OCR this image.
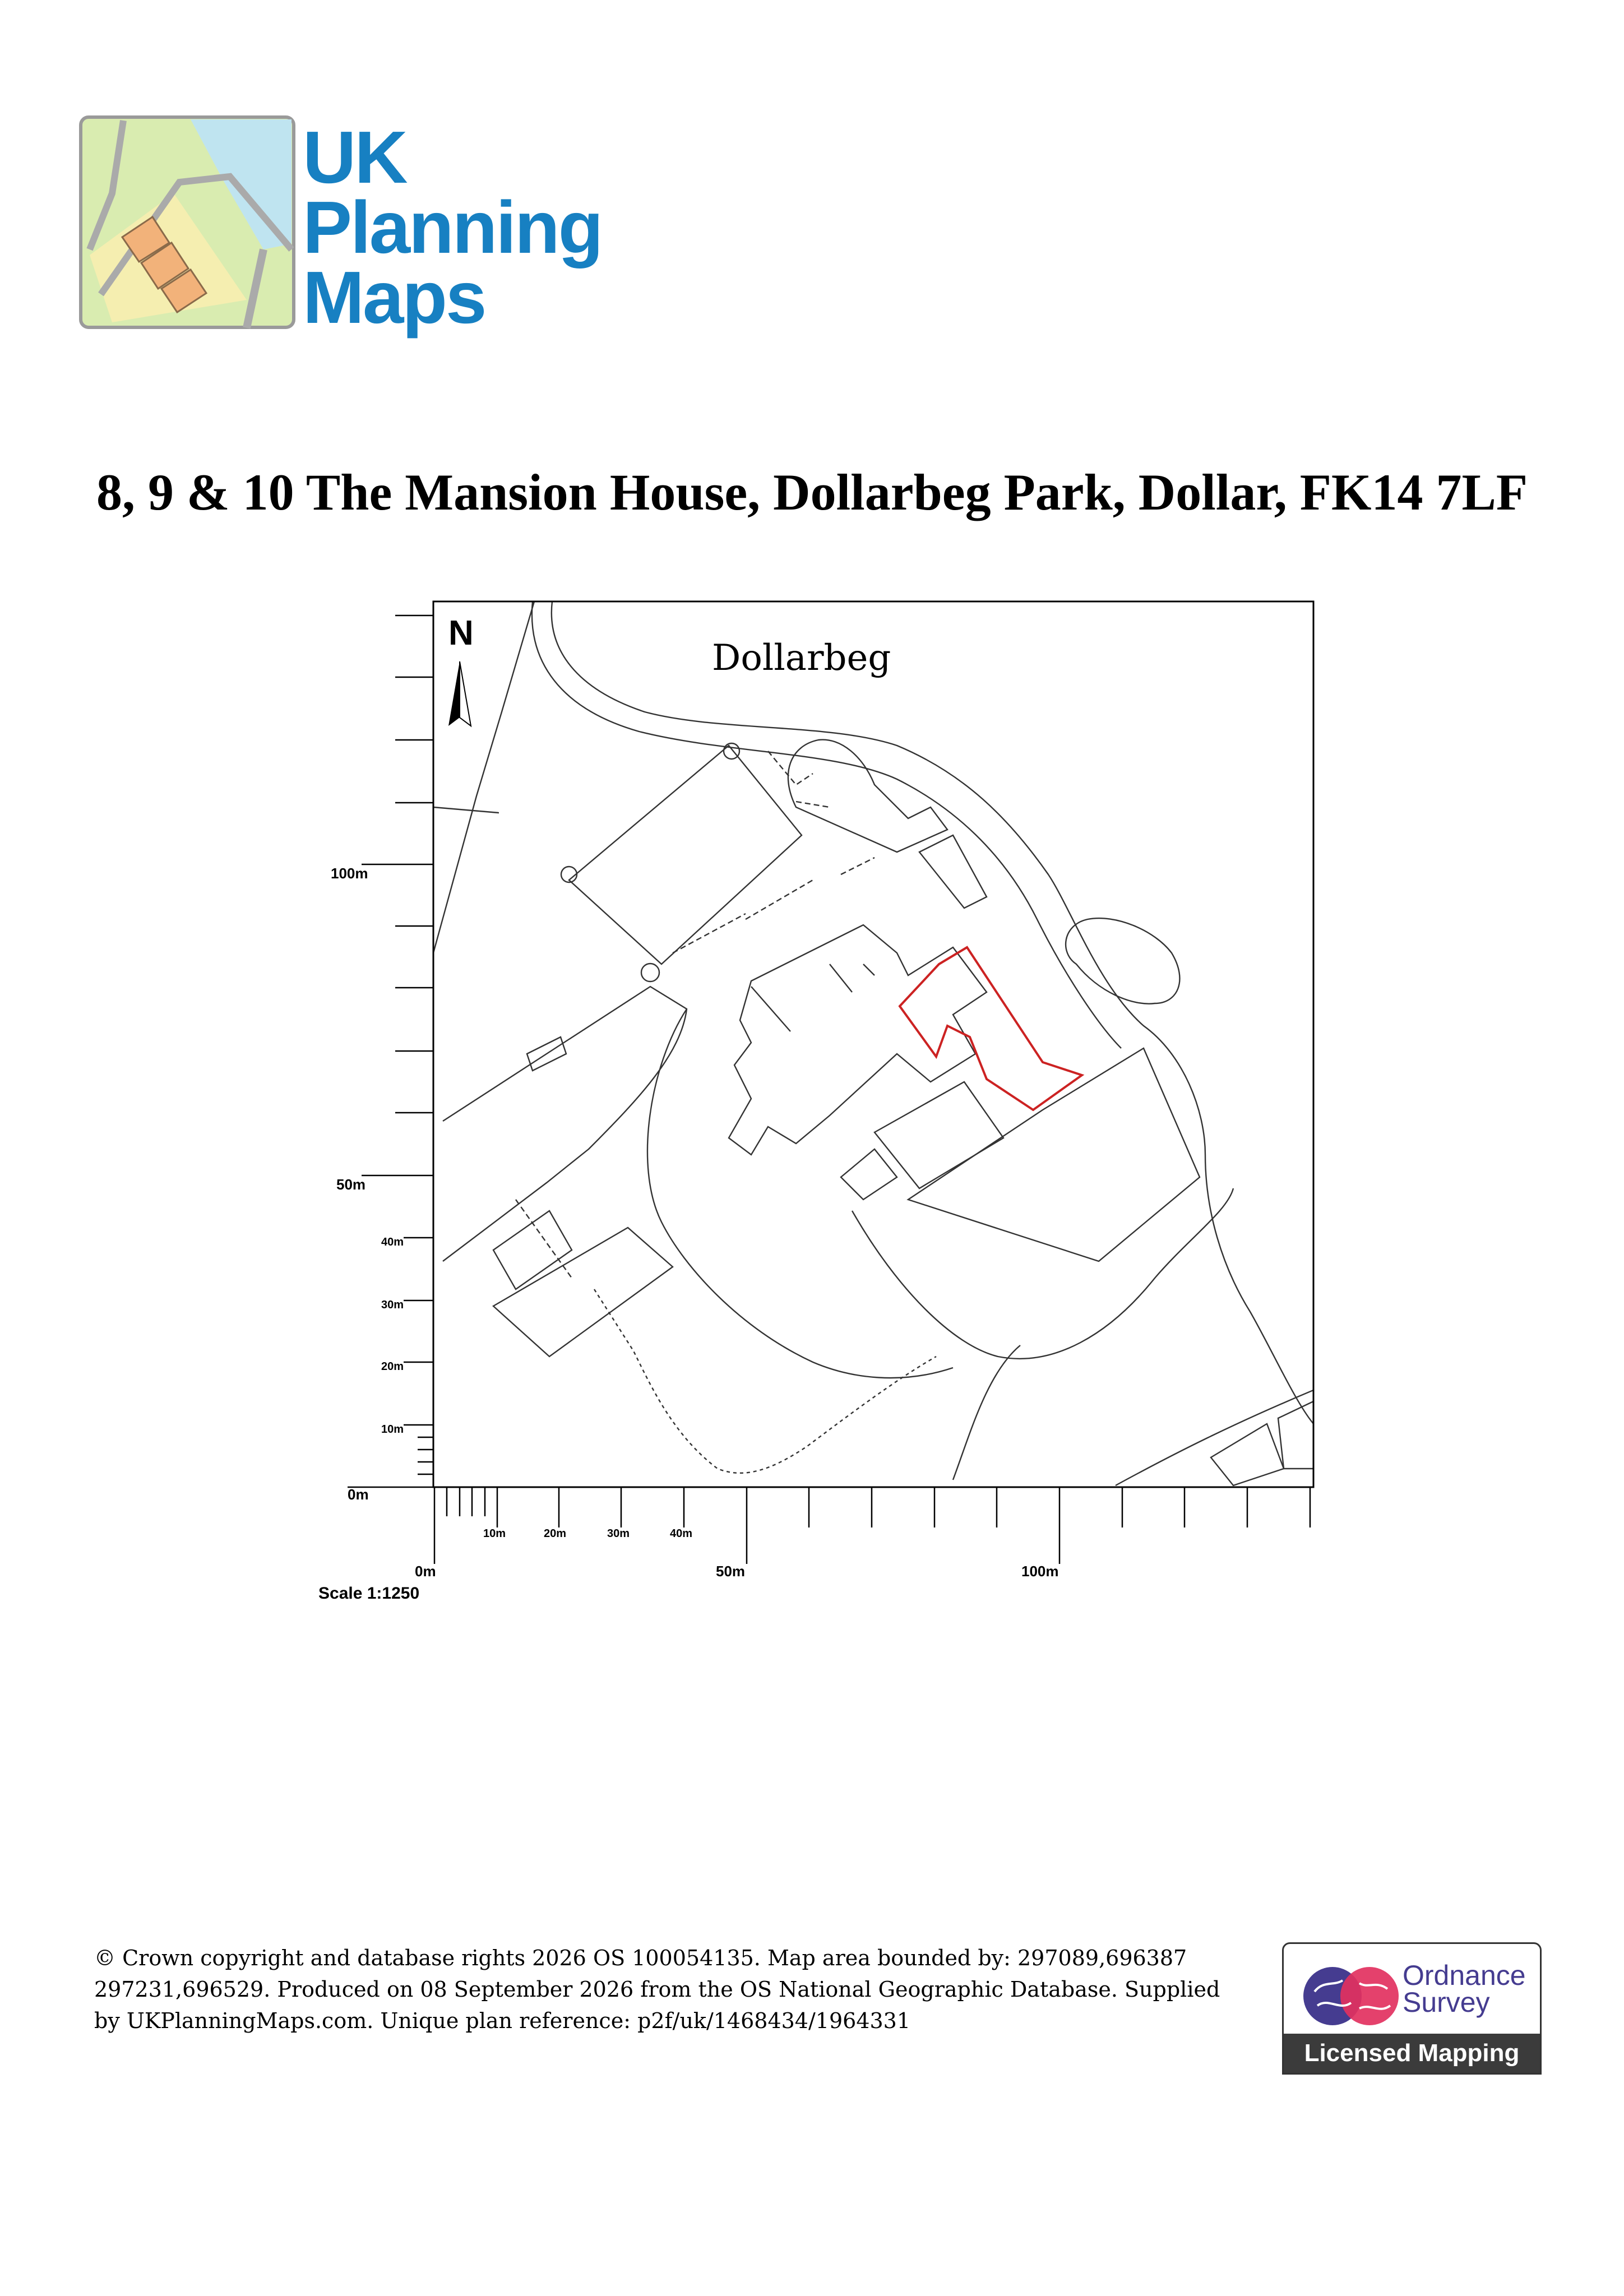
UK
Planning
Maps
8, 9 & 10 The Mansion House, Dollarbeg Park, Dollar, FK14 7LF
N
Dollarbeg
100m
50m
0m
40m
30m
20m
10m
10m	20m	30m	40m
0m	50m	100m
Scale 1:1250
© Crown copyright and database rights 2026 OS 100054135. Map area bounded by: 297089,696387 297231,696529. Produced on 08 September 2026 from the OS National Geographic Database. Supplied by UKPlanningMaps.com. Unique plan reference: p2f/uk/1468434/1964331
Ordnance
Survey
Licensed Mapping
